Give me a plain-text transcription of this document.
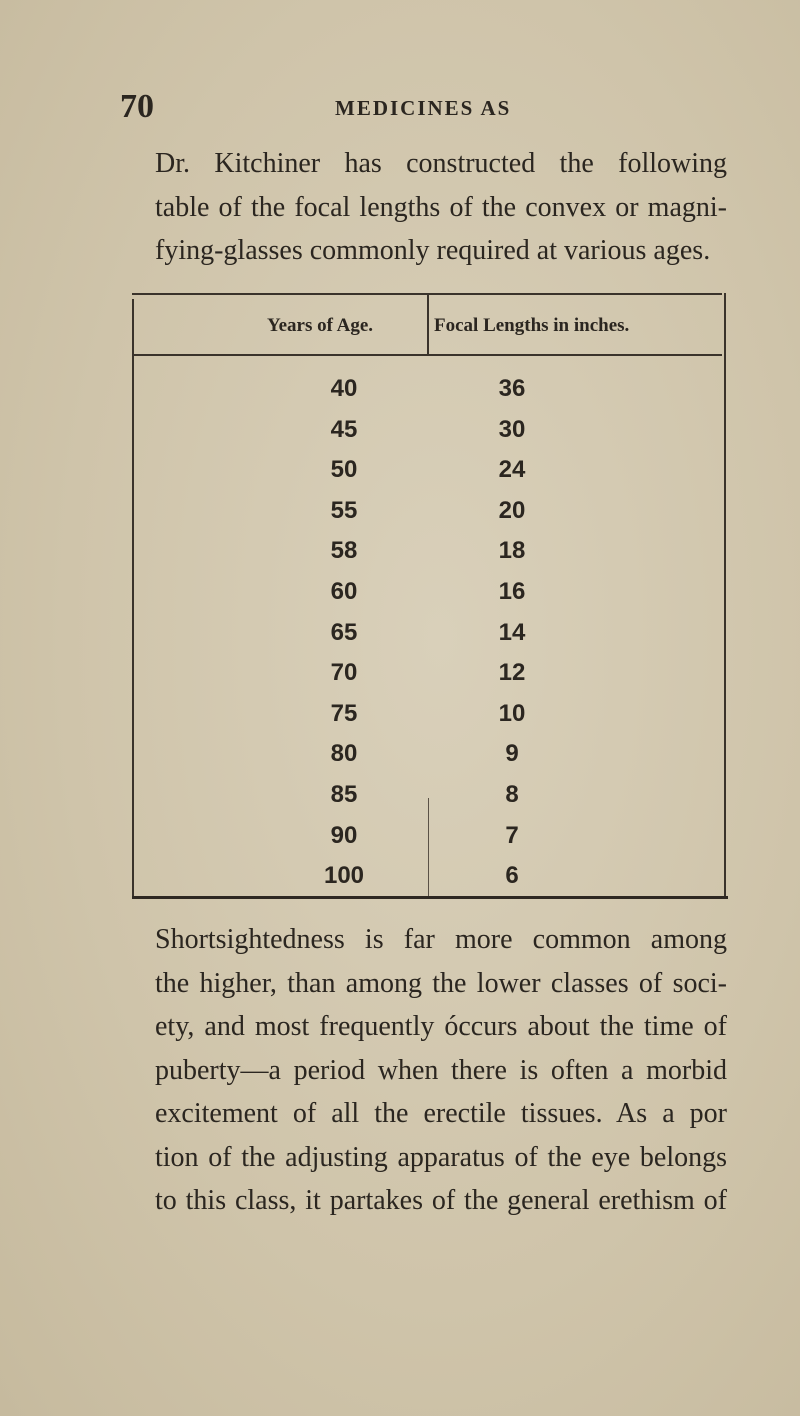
70	MEDICINES AS
Dr. Kitchiner has constructed the following
table of the focal lengths of the convex or magni-
fying-glasses commonly required at various ages.
Years of Age.	Focal Lengths in inches.
40	36
45	30
50	24
55	20
58	18
60	16
65	14
70	12
75	10
80	9
85	8
90	7
100	6
Shortsightedness is far more common among
the higher, than among the lower classes of soci-
ety, and most frequently óccurs about the time of
puberty—a period when there is often a morbid
excitement of all the erectile tissues. As a por
tion of the adjusting apparatus of the eye belongs
to this class, it partakes of the general erethism of
